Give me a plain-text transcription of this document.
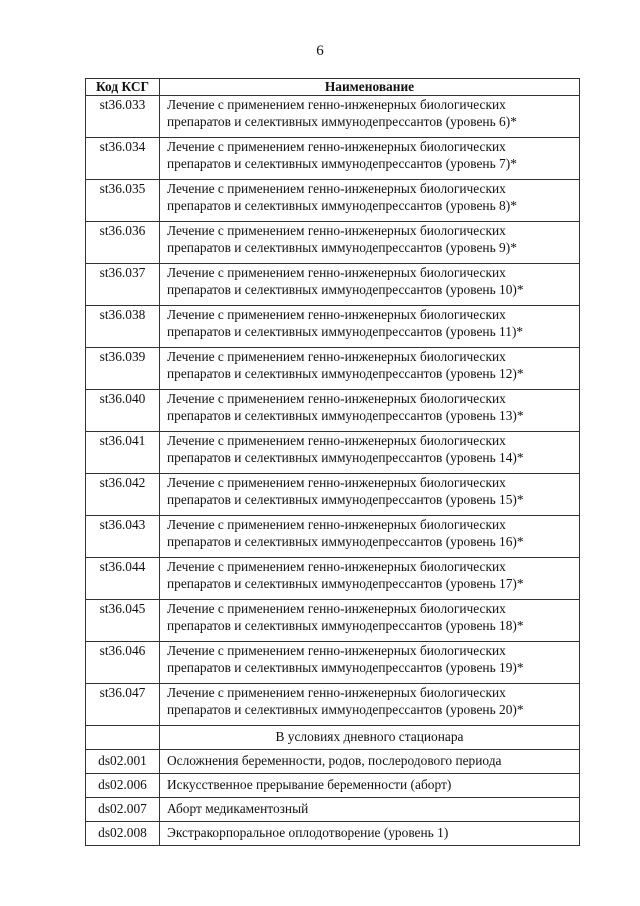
6
Код КСГ	Наименование
st36.033	Лечение с применением генно-инженерных биологических
препаратов и селективных иммунодепрессантов (уровень 6)*
st36.034	Лечение с применением генно-инженерных биологических
препаратов и селективных иммунодепрессантов (уровень 7)*
st36.035	Лечение с применением генно-инженерных биологических
препаратов и селективных иммунодепрессантов (уровень 8)*
st36.036	Лечение с применением генно-инженерных биологических
препаратов и селективных иммунодепрессантов (уровень 9)*
st36.037	Лечение с применением генно-инженерных биологических
препаратов и селективных иммунодепрессантов (уровень 10)*
st36.038	Лечение с применением генно-инженерных биологических
препаратов и селективных иммунодепрессантов (уровень 11)*
st36.039	Лечение с применением генно-инженерных биологических
препаратов и селективных иммунодепрессантов (уровень 12)*
st36.040	Лечение с применением генно-инженерных биологических
препаратов и селективных иммунодепрессантов (уровень 13)*
st36.041	Лечение с применением генно-инженерных биологических
препаратов и селективных иммунодепрессантов (уровень 14)*
st36.042	Лечение с применением генно-инженерных биологических
препаратов и селективных иммунодепрессантов (уровень 15)*
st36.043	Лечение с применением генно-инженерных биологических
препаратов и селективных иммунодепрессантов (уровень 16)*
st36.044	Лечение с применением генно-инженерных биологических
препаратов и селективных иммунодепрессантов (уровень 17)*
st36.045	Лечение с применением генно-инженерных биологических
препаратов и селективных иммунодепрессантов (уровень 18)*
st36.046	Лечение с применением генно-инженерных биологических
препаратов и селективных иммунодепрессантов (уровень 19)*
st36.047	Лечение с применением генно-инженерных биологических
препаратов и селективных иммунодепрессантов (уровень 20)*
	В условиях дневного стационара
ds02.001	Осложнения беременности, родов, послеродового периода
ds02.006	Искусственное прерывание беременности (аборт)
ds02.007	Аборт медикаментозный
ds02.008	Экстракорпоральное оплодотворение (уровень 1)
